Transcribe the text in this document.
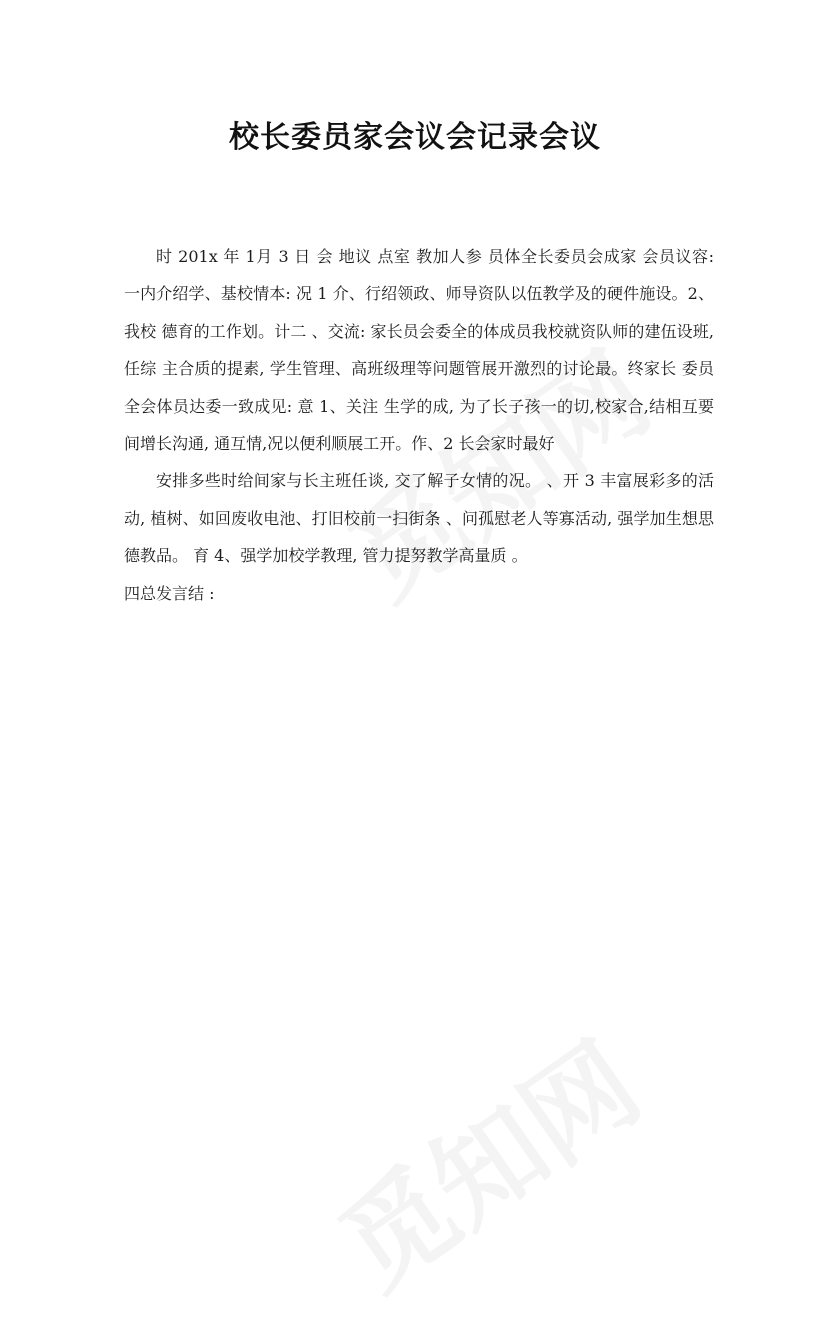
校长委员家会议会记录会议

时 201x 年 1月 3 日 会 地议 点室 教加人参 员体全长委员会成家 会员议容: 一内介绍学、基校情本: 况 1 介、行绍领政、师导资队以伍教学及的硬件施设。2、我校 德育的工作划。计二 、交流: 家长员会委全的体成员我校就资队师的建伍设班, 任综 主合质的提素, 学生管理、高班级理等问题管展开激烈的讨论最。终家长 委员全会体员达委一致成见: 意 1、关注 生学的成, 为了长子孩一的切,校家合,结相互要间增长沟通, 通互情,况以便利顺展工开。作、2 长会家时最好

安排多些时给间家与长主班任谈, 交了解子女情的况。 、开 3 丰富展彩多的活动, 植树、如回废收电池、打旧校前一扫街条 、问孤慰老人等寡活动, 强学加生想思德教品。 育 4、强学加校学教理, 管力提努教学高量质 。

四总发言结 :
